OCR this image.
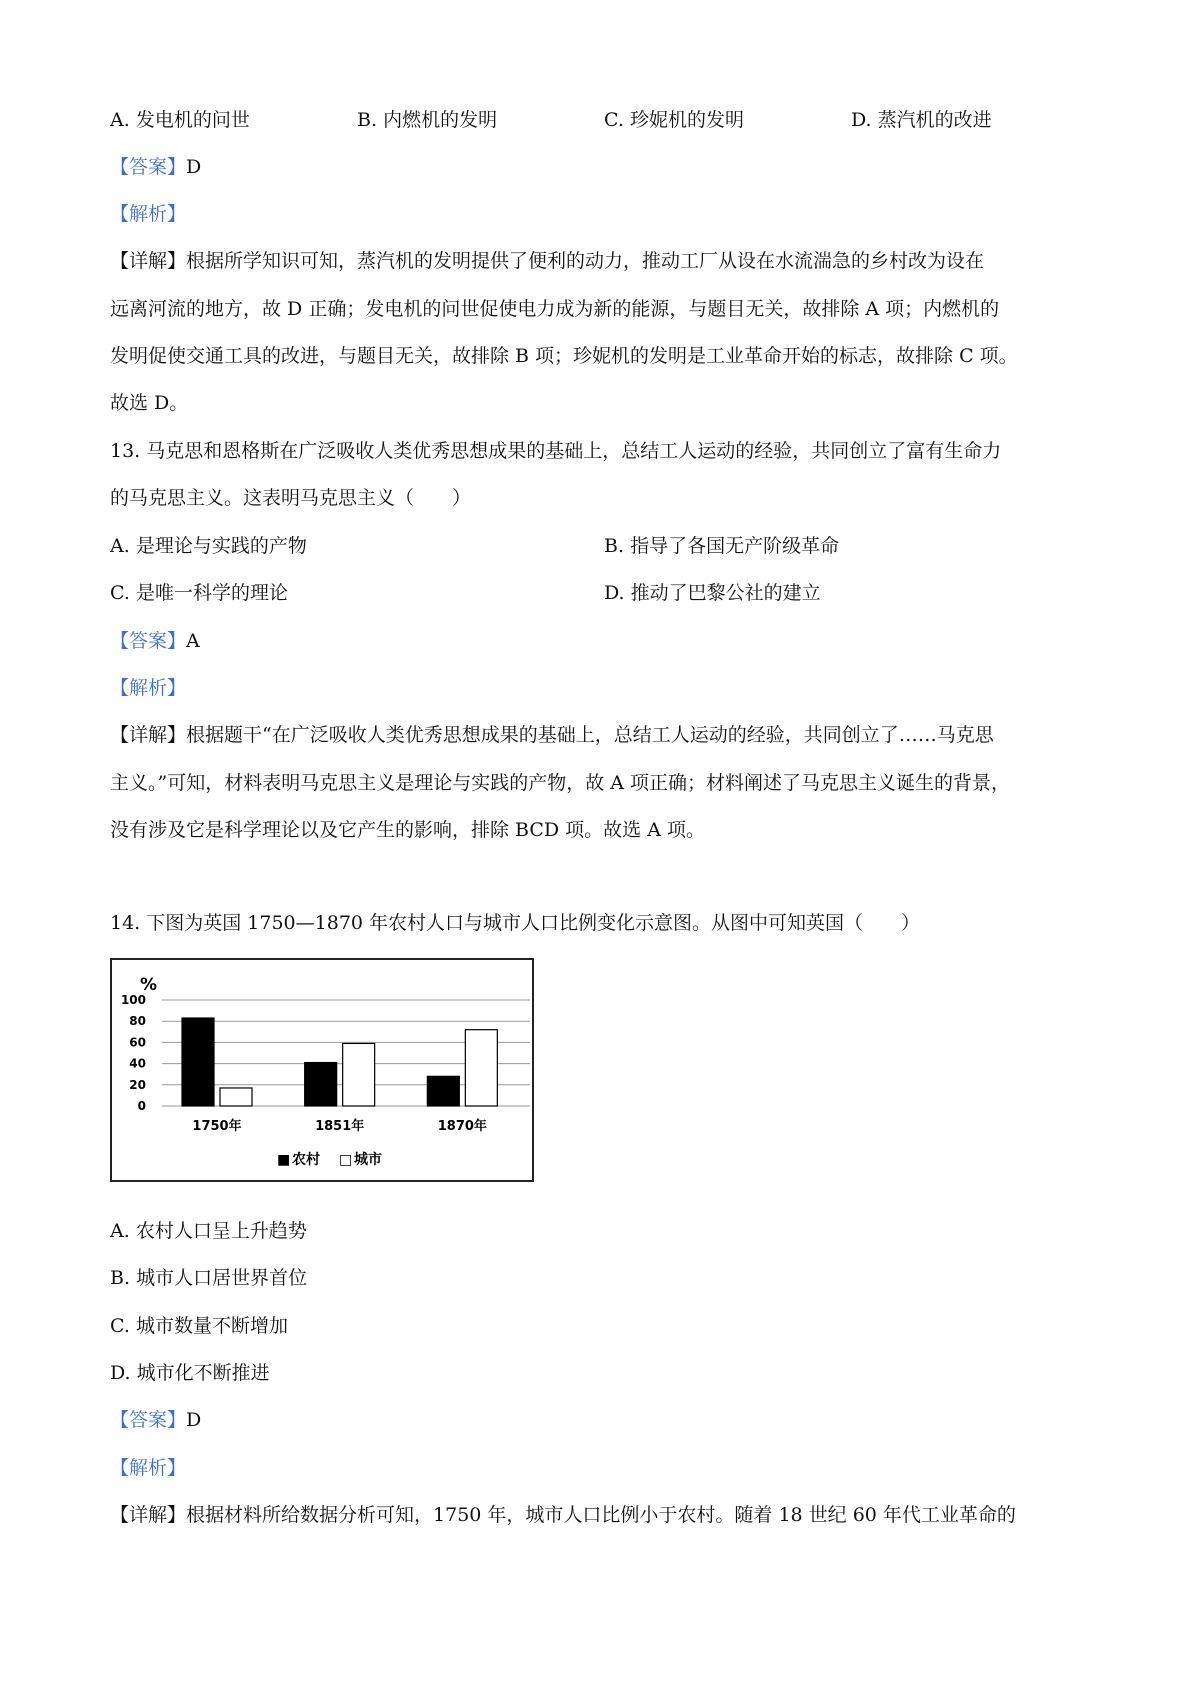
A. 发电机的问世	B. 内燃机的发明	C. 珍妮机的发明	D. 蒸汽机的改进
【答案】D
【解析】
【详解】根据所学知识可知，蒸汽机的发明提供了便利的动力，推动工厂从设在水流湍急的乡村改为设在
远离河流的地方，故 D 正确；发电机的问世促使电力成为新的能源，与题目无关，故排除 A 项；内燃机的
发明促使交通工具的改进，与题目无关，故排除 B 项；珍妮机的发明是工业革命开始的标志，故排除 C 项。
故选 D。
13. 马克思和恩格斯在广泛吸收人类优秀思想成果的基础上，总结工人运动的经验，共同创立了富有生命力
的马克思主义。这表明马克思主义（　　）
A. 是理论与实践的产物	B. 指导了各国无产阶级革命
C. 是唯一科学的理论	D. 推动了巴黎公社的建立
【答案】A
【解析】
【详解】根据题干“在广泛吸收人类优秀思想成果的基础上，总结工人运动的经验，共同创立了……马克思
主义。”可知，材料表明马克思主义是理论与实践的产物，故 A 项正确；材料阐述了马克思主义诞生的背景，
没有涉及它是科学理论以及它产生的影响，排除 BCD 项。故选 A 项。
14. 下图为英国 1750—1870 年农村人口与城市人口比例变化示意图。从图中可知英国（　　）
%
100
80
60
40
20
0
1750年	1851年	1870年
■ 农村 □ 城市
A. 农村人口呈上升趋势
B. 城市人口居世界首位
C. 城市数量不断增加
D. 城市化不断推进
【答案】D
【解析】
【详解】根据材料所给数据分析可知，1750 年，城市人口比例小于农村。随着 18 世纪 60 年代工业革命的
